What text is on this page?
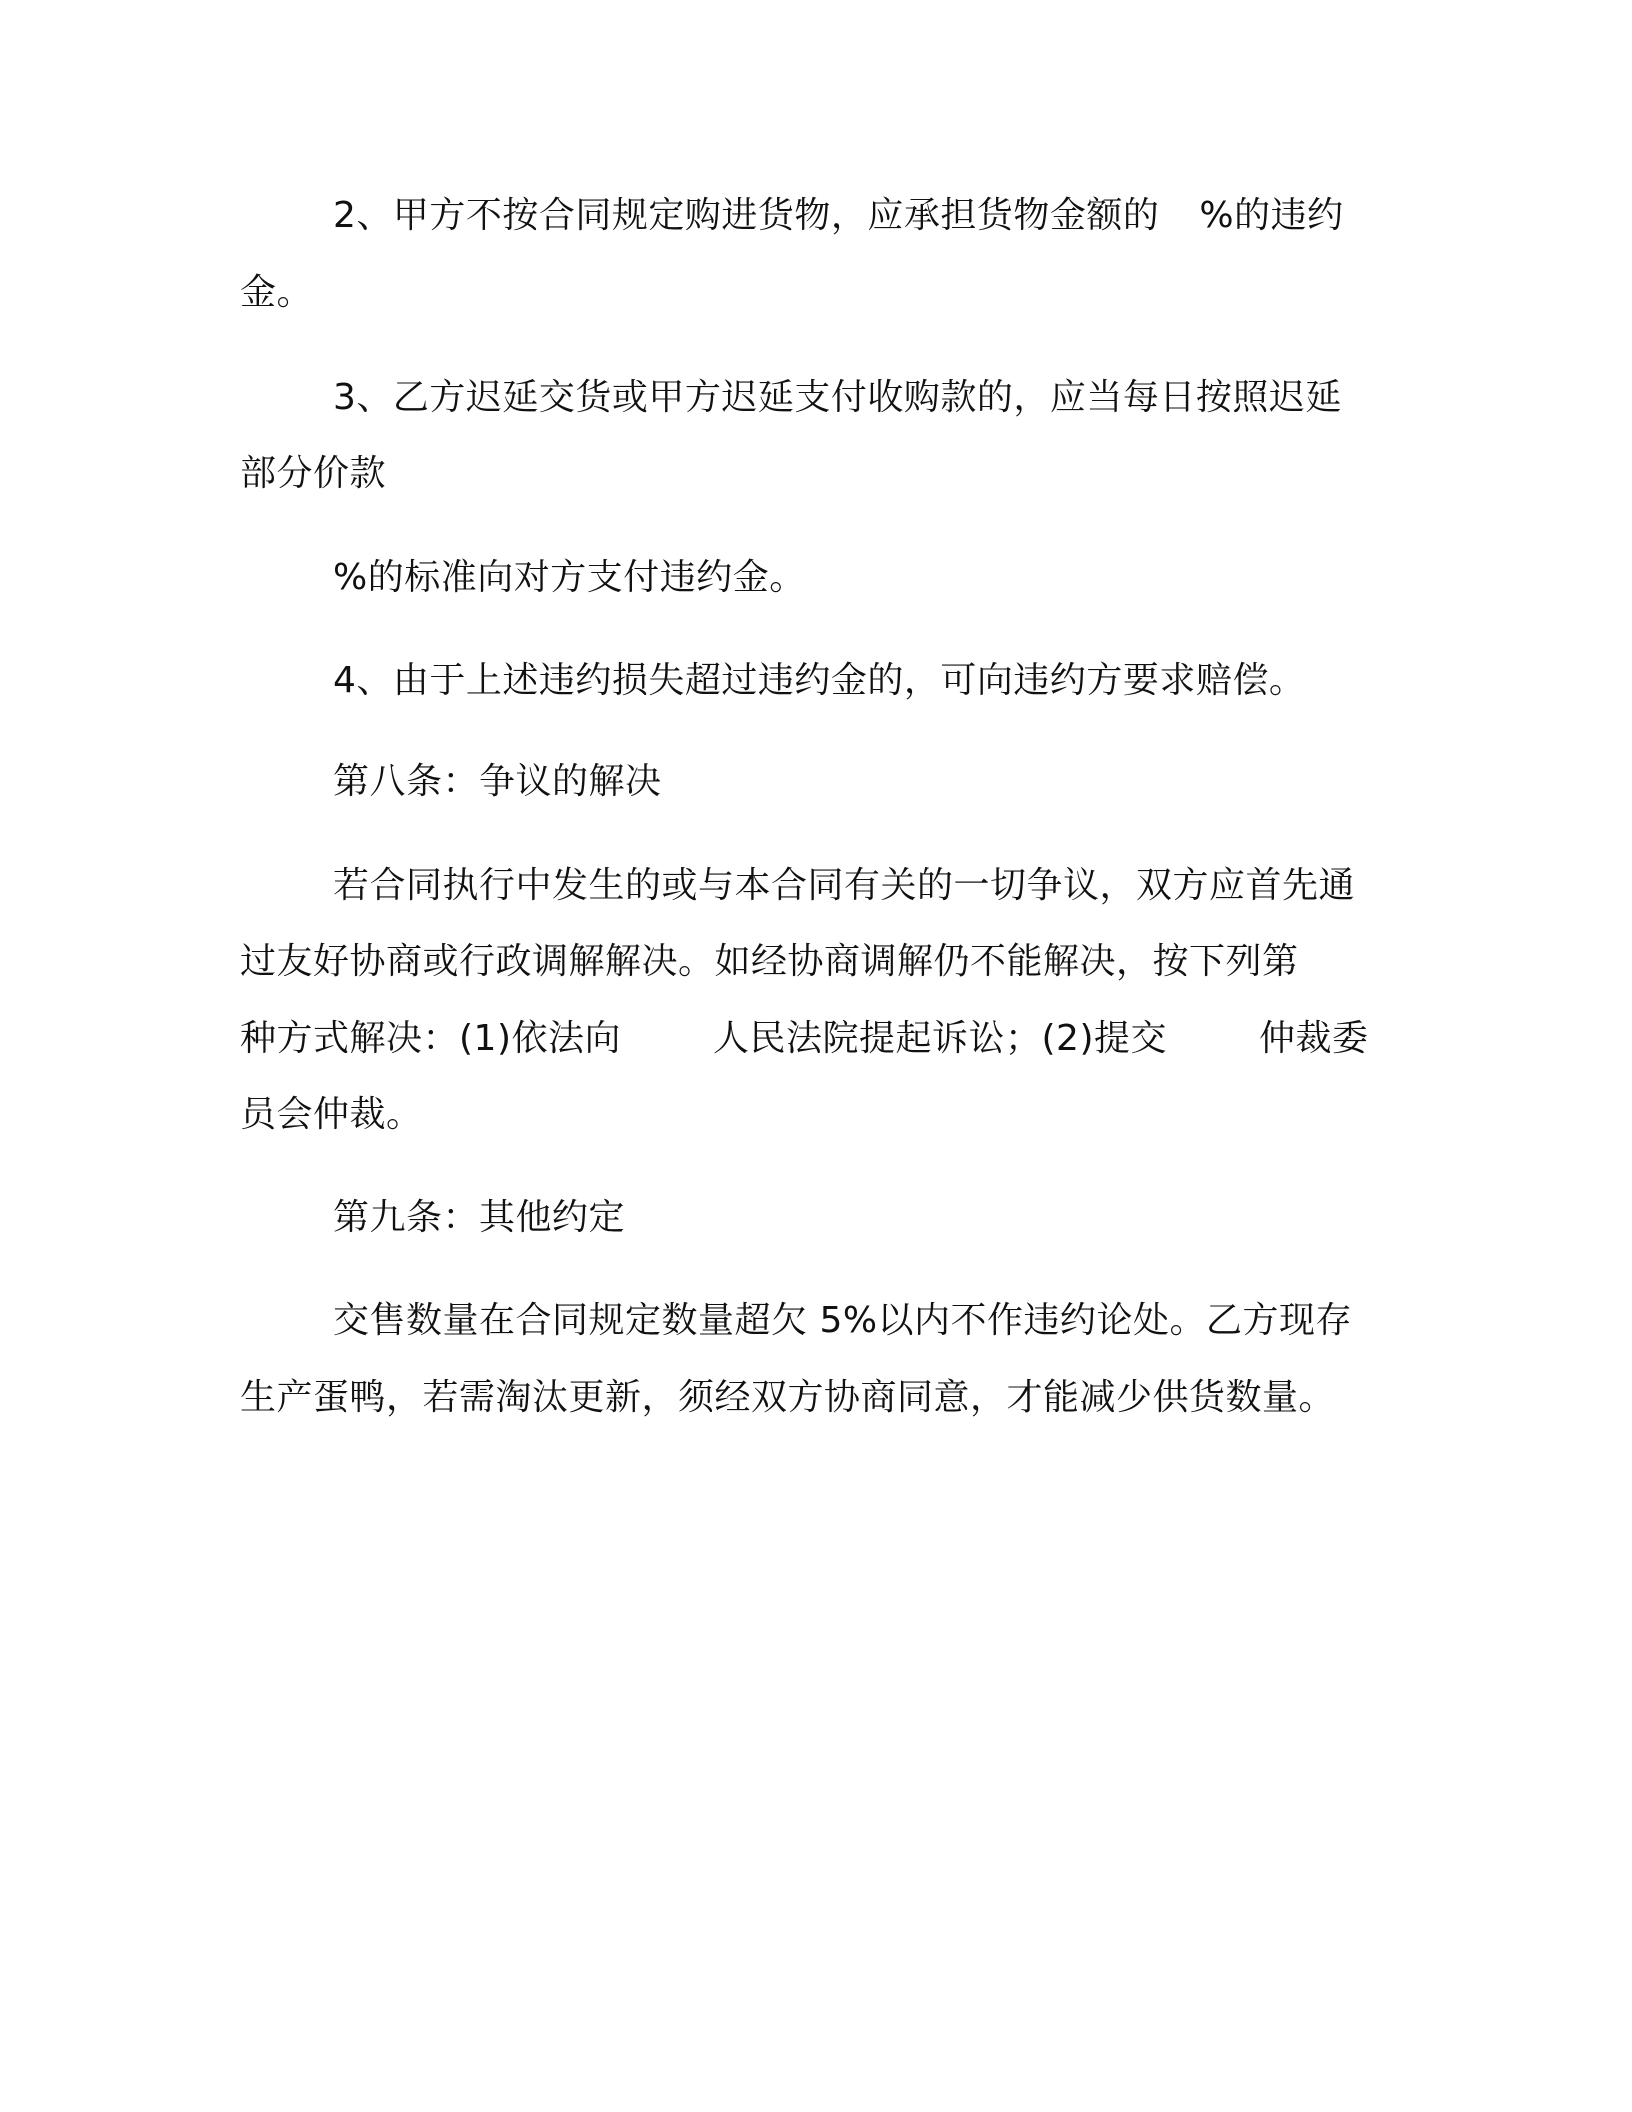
2、甲方不按合同规定购进货物，应承担货物金额的 %的违约
金。
3、乙方迟延交货或甲方迟延支付收购款的，应当每日按照迟延
部分价款
%的标准向对方支付违约金。
4、由于上述违约损失超过违约金的，可向违约方要求赔偿。
第八条：争议的解决
若合同执行中发生的或与本合同有关的一切争议，双方应首先通
过友好协商或行政调解解决。如经协商调解仍不能解决，按下列第
种方式解决：(1)依法向	人民法院提起诉讼；(2)提交	仲裁委
员会仲裁。
第九条：其他约定
交售数量在合同规定数量超欠 5%以内不作违约论处。乙方现存
生产蛋鸭，若需淘汰更新，须经双方协商同意，才能减少供货数量。
